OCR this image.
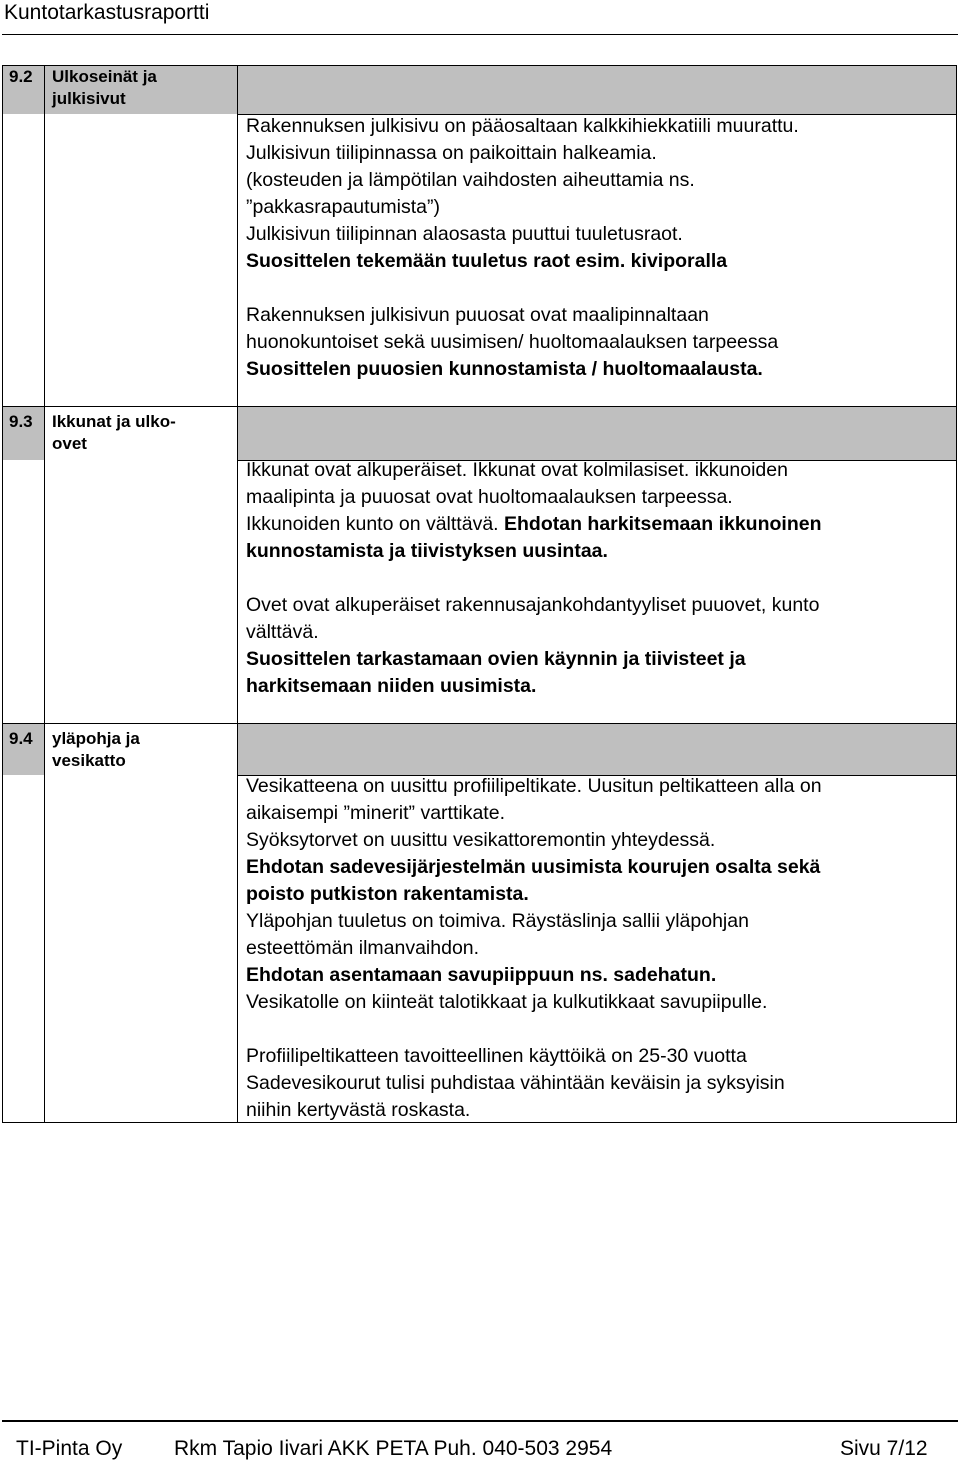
Kuntotarkastusraportti
9.2 Ulkoseinät ja
julkisivut

Rakennuksen julkisivu on pääosaltaan kalkkihiekkatiili muurattu.

Julkisivun tiilipinnassa on paikoittain halkeamia.

(kosteuden ja lämpötilan vaihdosten aiheuttamia ns.

”pakkasrapautumista”)

Julkisivun tiilipinnan alaosasta puuttui tuuletusraot.

Suosittelen tekemään tuuletus raot esim. kiviporalla

Rakennuksen julkisivun puuosat ovat maalipinnaltaan

huonokuntoiset sekä uusimisen/ huoltomaalauksen tarpeessa

Suosittelen puuosien kunnostamista / huoltomaalausta.

9.3 Ikkunat ja ulko-
ovet

Ikkunat ovat alkuperäiset. Ikkunat ovat kolmilasiset. ikkunoiden

maalipinta ja puuosat ovat huoltomaalauksen tarpeessa.

Ikkunoiden kunto on välttävä. Ehdotan harkitsemaan ikkunoinen

kunnostamista ja tiivistyksen uusintaa.

Ovet ovat alkuperäiset rakennusajankohdantyyliset puuovet, kunto

välttävä.

Suosittelen tarkastamaan ovien käynnin ja tiivisteet ja

harkitsemaan niiden uusimista.

9.4 yläpohja ja
vesikatto

Vesikatteena on uusittu profiilipeltikate. Uusitun peltikatteen alla on

aikaisempi ”minerit” varttikate.

Syöksytorvet on uusittu vesikattoremontin yhteydessä.

Ehdotan sadevesijärjestelmän uusimista kourujen osalta sekä

poisto putkiston rakentamista.

Yläpohjan tuuletus on toimiva. Räystäslinja sallii yläpohjan

esteettömän ilmanvaihdon.

Ehdotan asentamaan savupiippuun ns. sadehatun.

Vesikatolle on kiinteät talotikkaat ja kulkutikkaat savupiipulle.

Profiilipeltikatteen tavoitteellinen käyttöikä on 25-30 vuotta

Sadevesikourut tulisi puhdistaa vähintään keväisin ja syksyisin

niihin kertyvästä roskasta.

TI-Pinta Oy Rkm Tapio Iivari AKK PETA Puh. 040-503 2954	Sivu 7/12
